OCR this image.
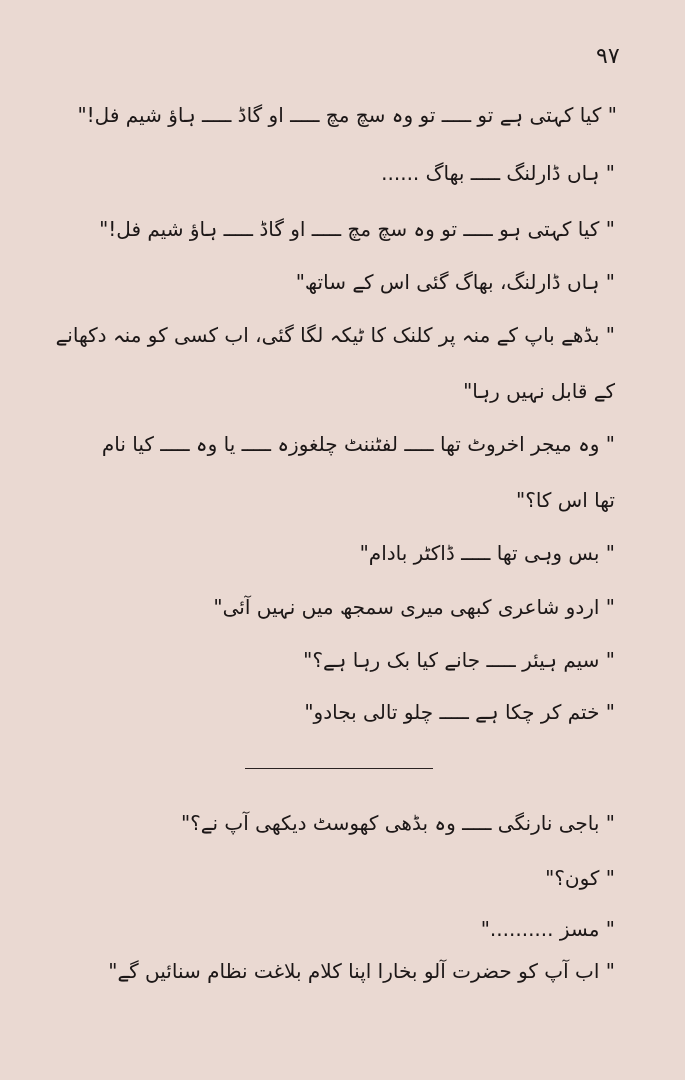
۹۷
" کیا کہتی ہے تو ـــــ تو وہ سچ مچ ـــــ او گاڈ ـــــ ہاؤ شیم فل!"
" ہاں ڈارلنگ ـــــ بھاگ ......
" کیا کہتی ہو ـــــ تو وہ سچ مچ ـــــ او گاڈ ـــــ ہاؤ شیم فل!"
" ہاں ڈارلنگ، بھاگ گئی اس کے ساتھ"
" بڈھے باپ کے منہ پر کلنک کا ٹیکہ لگا گئی، اب کسی کو منہ دکھانے
کے قابل نہیں رہا"
" وہ میجر اخروٹ تھا ـــــ لفٹننٹ چلغوزہ ـــــ یا وہ ـــــ کیا نام
تھا اس کا؟"
" بس وہی تھا ـــــ ڈاکٹر بادام"
" اردو شاعری کبھی میری سمجھ میں نہیں آئی"
" سیم ہیئر ـــــ جانے کیا بک رہا ہے؟"
" ختم کر چکا ہے ـــــ چلو تالی بجادو"
" باجی نارنگی ـــــ وہ بڈھی کھوسٹ دیکھی آپ نے؟"
" کون؟"
" مسز .........."
" اب آپ کو حضرت آلو بخارا اپنا کلام بلاغت نظام سنائیں گے"
